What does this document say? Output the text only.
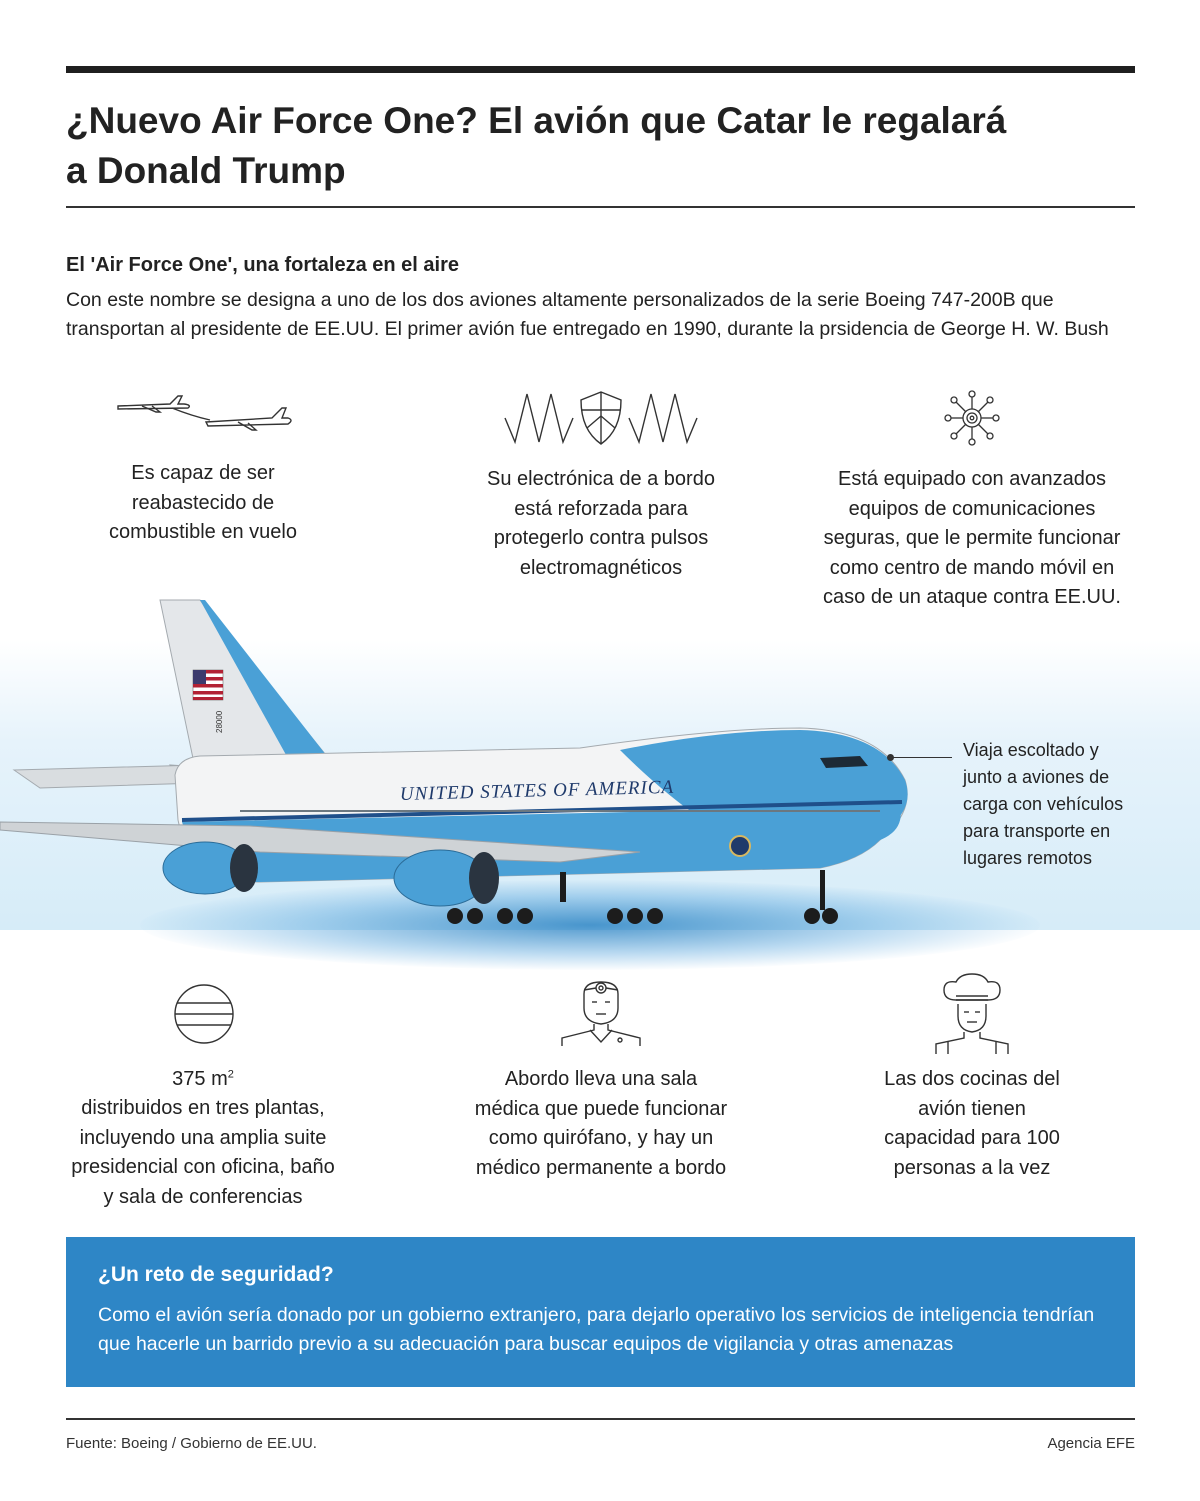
¿Nuevo Air Force One? El avión que Catar le regalará
a Donald Trump
El 'Air Force One', una fortaleza en el aire
Con este nombre se designa a uno de los dos aviones altamente personalizados de la serie Boeing 747-200B que
transportan al presidente de EE.UU. El primer avión fue entregado en 1990, durante la prsidencia de George H. W. Bush
Es capaz de ser
reabastecido de
combustible en vuelo
Su electrónica de a bordo
está reforzada para
protegerlo contra pulsos
electromagnéticos
Está equipado con avanzados
equipos de comunicaciones
seguras, que le permite funcionar
como centro de mando móvil en
caso de un ataque contra EE.UU.
UNITED STATES OF AMERICA
28000
Viaja escoltado y
junto a aviones de
carga con vehículos
para transporte en
lugares remotos
375 $m^2$
distribuidos en tres plantas,
incluyendo una amplia suite
presidencial con oficina, baño
y sala de conferencias
Abordo lleva una sala
médica que puede funcionar
como quirófano, y hay un
médico permanente a bordo
Las dos cocinas del
avión tienen
capacidad para 100
personas a la vez
¿Un reto de seguridad?
Como el avión sería donado por un gobierno extranjero, para dejarlo operativo los servicios de inteligencia tendrían
que hacerle un barrido previo a su adecuación para buscar equipos de vigilancia y otras amenazas
Fuente: Boeing / Gobierno de EE.UU.	Agencia EFE
